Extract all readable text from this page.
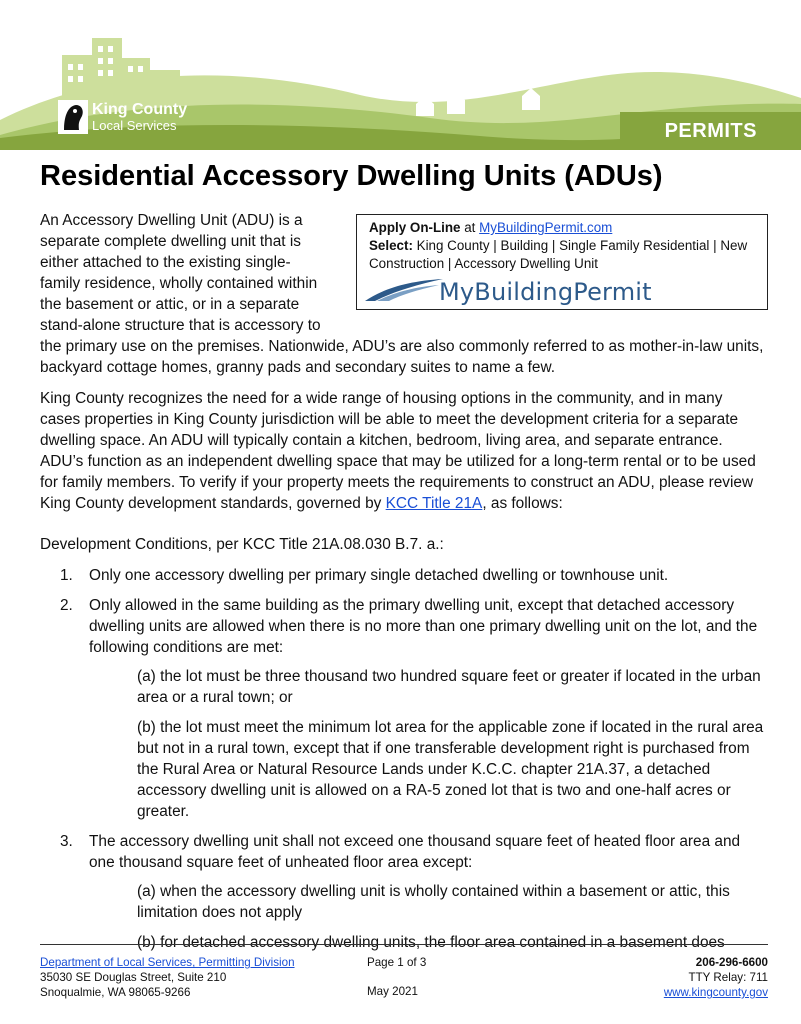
King County
Local Services	PERMITS
Residential Accessory Dwelling Units (ADUs)
Apply On-Line at MyBuildingPermit.com
Select: King County | Building | Single Family Residential | New Construction | Accessory Dwelling Unit
MyBuildingPermit
An Accessory Dwelling Unit (ADU) is a separate complete dwelling unit that is either attached to the existing single-family residence, wholly contained within the basement or attic, or in a separate stand-alone structure that is accessory to the primary use on the premises. Nationwide, ADU’s are also commonly referred to as mother-in-law units, backyard cottage homes, granny pads and secondary suites to name a few.

King County recognizes the need for a wide range of housing options in the community, and in many cases properties in King County jurisdiction will be able to meet the development criteria for a separate dwelling space. An ADU will typically contain a kitchen, bedroom, living area, and separate entrance. ADU’s function as an independent dwelling space that may be utilized for a long-term rental or to be used for family members. To verify if your property meets the requirements to construct an ADU, please review King County development standards, governed by KCC Title 21A, as follows:

Development Conditions, per KCC Title 21A.08.030 B.7. a.:

1. Only one accessory dwelling per primary single detached dwelling or townhouse unit.
2. Only allowed in the same building as the primary dwelling unit, except that detached accessory dwelling units are allowed when there is no more than one primary dwelling unit on the lot, and the following conditions are met:
(a) the lot must be three thousand two hundred square feet or greater if located in the urban area or a rural town; or
(b) the lot must meet the minimum lot area for the applicable zone if located in the rural area but not in a rural town, except that if one transferable development right is purchased from the Rural Area or Natural Resource Lands under K.C.C. chapter 21A.37, a detached accessory dwelling unit is allowed on a RA-5 zoned lot that is two and one-half acres or greater.
3. The accessory dwelling unit shall not exceed one thousand square feet of heated floor area and one thousand square feet of unheated floor area except:
(a) when the accessory dwelling unit is wholly contained within a basement or attic, this limitation does not apply
(b) for detached accessory dwelling units, the floor area contained in a basement does
Department of Local Services, Permitting Division
35030 SE Douglas Street, Suite 210
Snoqualmie, WA 98065-9266
Page 1 of 3
May 2021
206-296-6600
TTY Relay: 711
www.kingcounty.gov
